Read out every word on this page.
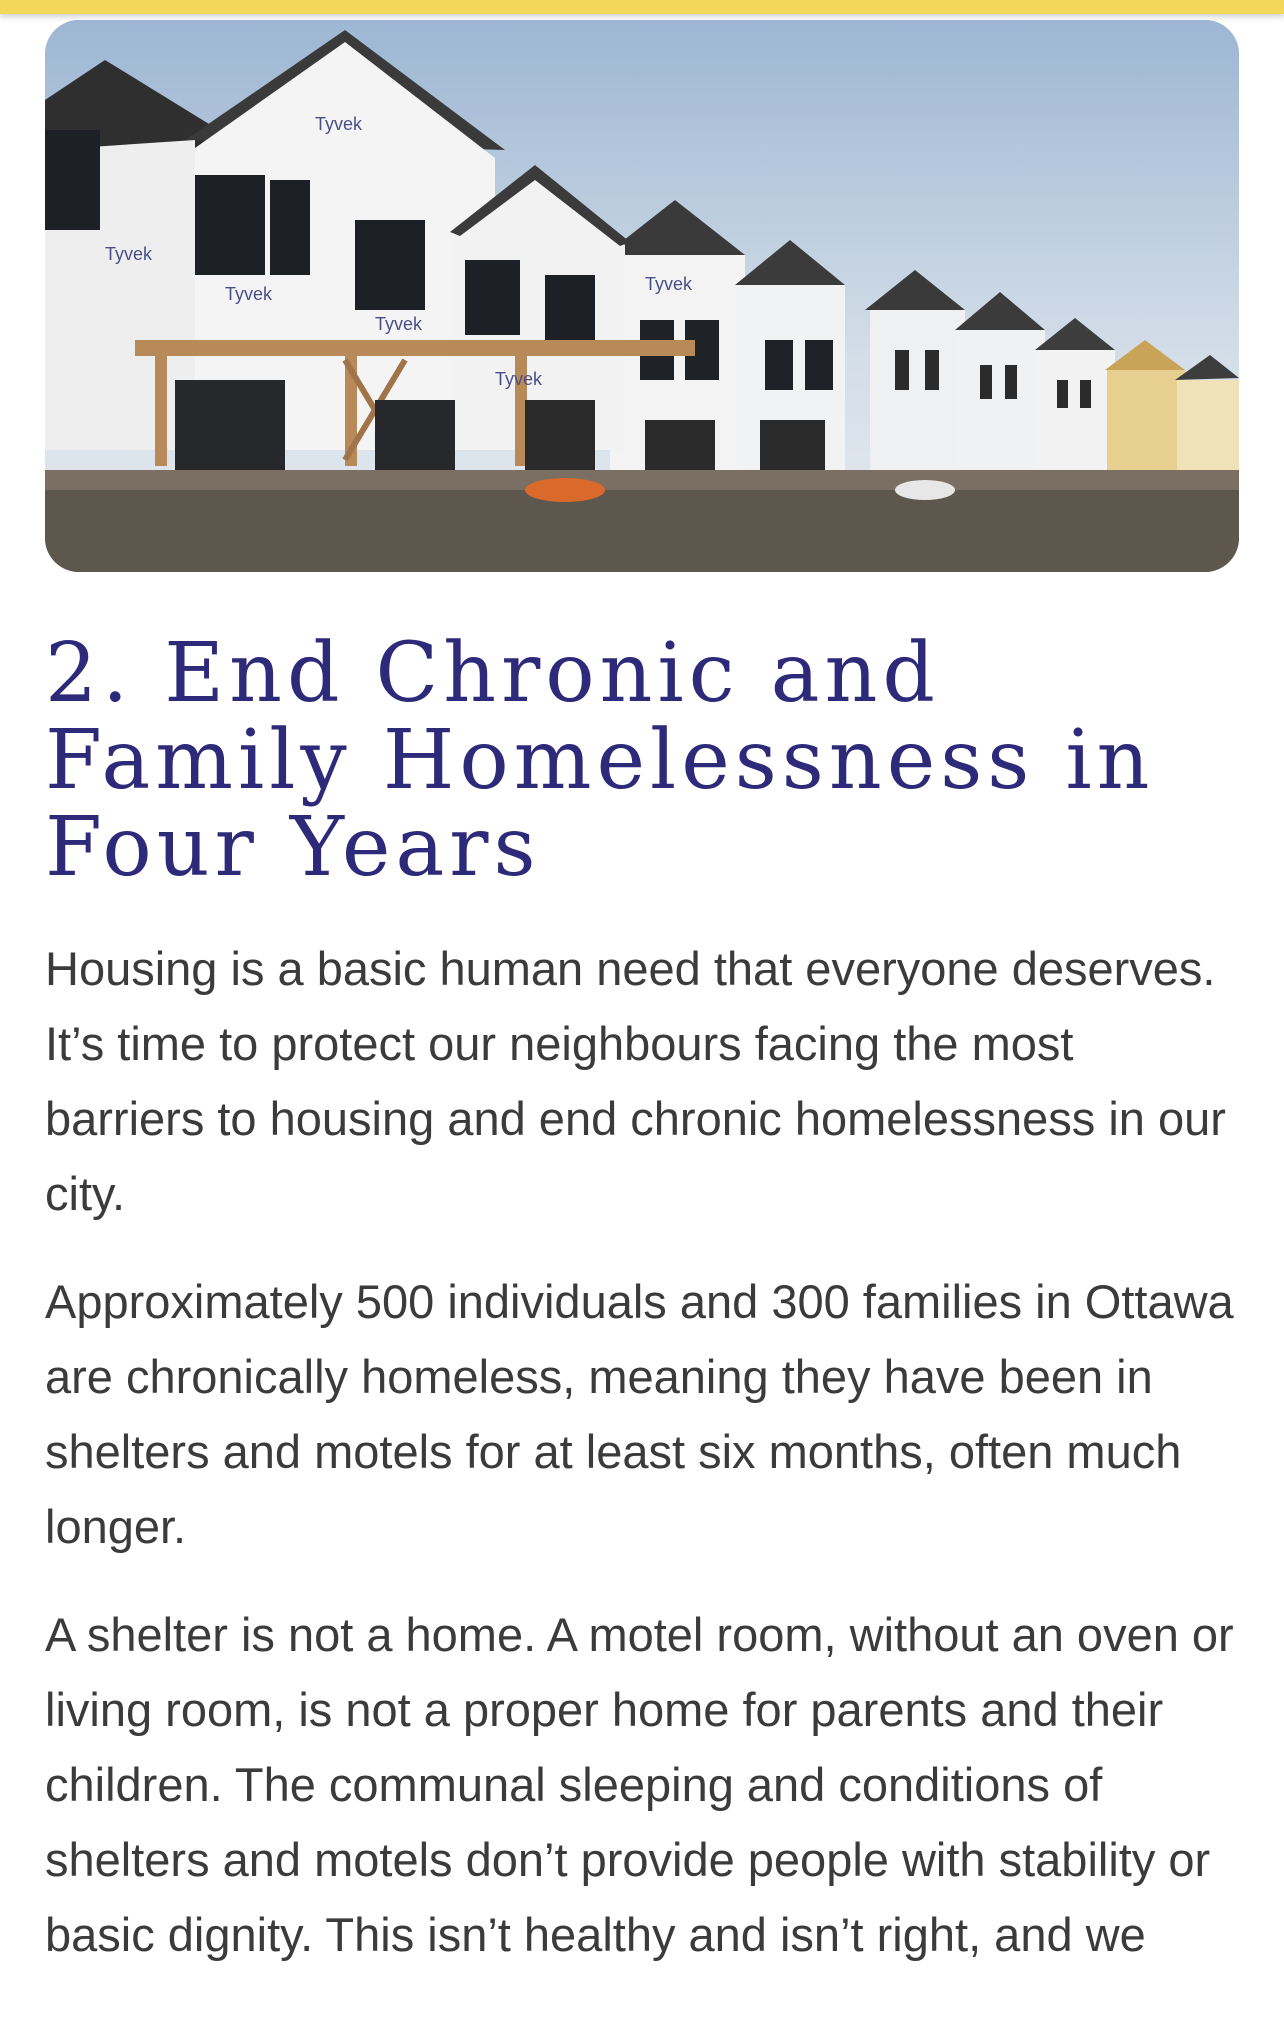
Tyvek
Tyvek
Tyvek
Tyvek
Tyvek
Tyvek
2. End Chronic and Family Homelessness in Four Years

Housing is a basic human need that everyone deserves. It’s time to protect our neighbours facing the most barriers to housing and end chronic homelessness in our city.

Approximately 500 individuals and 300 families in Ottawa are chronically homeless, meaning they have been in shelters and motels for at least six months, often much longer.

A shelter is not a home. A motel room, without an oven or living room, is not a proper home for parents and their children. The communal sleeping and conditions of shelters and motels don’t provide people with stability or basic dignity. This isn’t healthy and isn’t right, and we
